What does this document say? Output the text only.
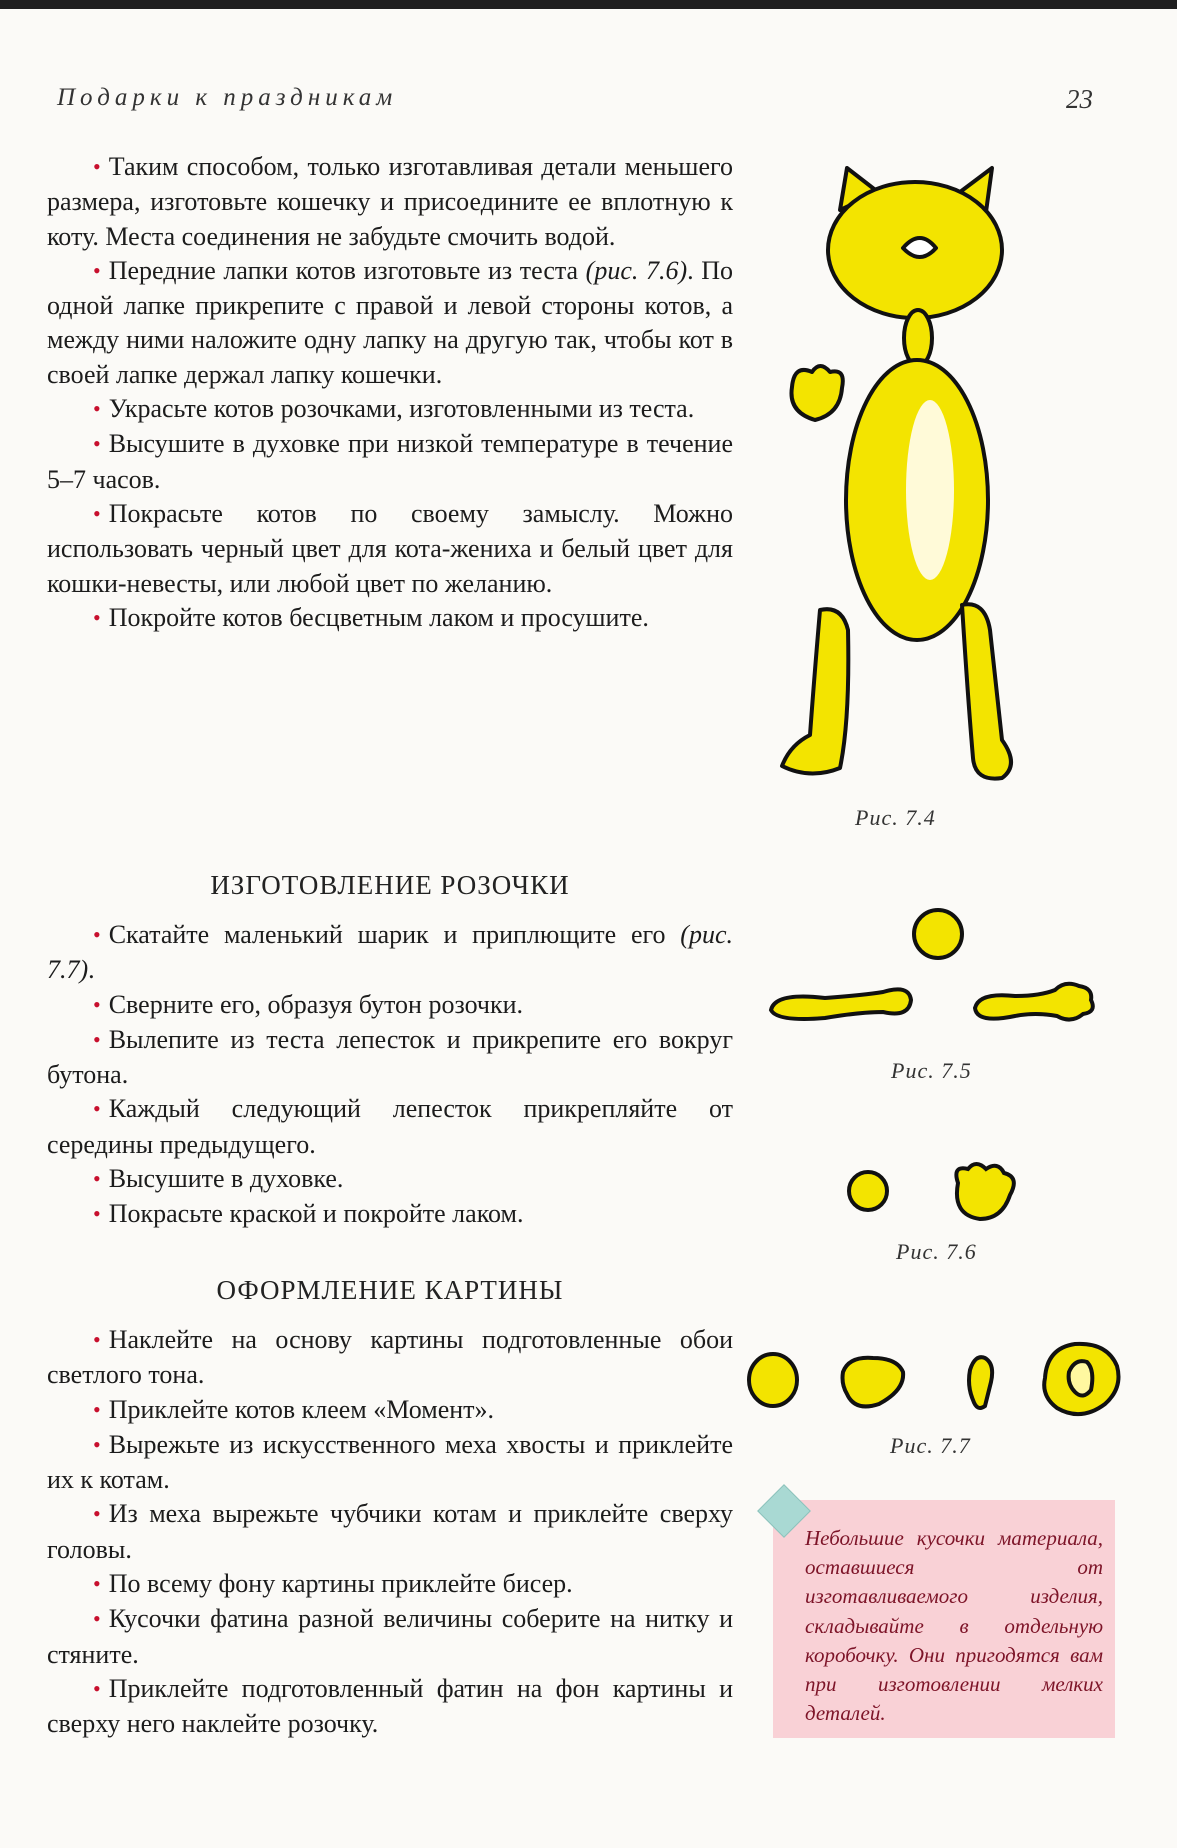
Подарки к праздникам	23

• Таким способом, только изготавливая детали меньшего размера, изготовьте кошечку и присоедините ее вплотную к коту. Места соединения не забудьте смочить водой.

• Передние лапки котов изготовьте из теста (рис. 7.6). По одной лапке прикрепите с правой и левой стороны котов, а между ними наложите одну лапку на другую так, чтобы кот в своей лапке держал лапку кошечки.

• Украсьте котов розочками, изготовленными из теста.

• Высушите в духовке при низкой температуре в течение 5–7 часов.

• Покрасьте котов по своему замыслу. Можно использовать черный цвет для кота-жениха и белый цвет для кошки-невесты, или любой цвет по желанию.

• Покройте котов бесцветным лаком и просушите.

ИЗГОТОВЛЕНИЕ РОЗОЧКИ

• Скатайте маленький шарик и приплющите его (рис. 7.7).

• Сверните его, образуя бутон розочки.

• Вылепите из теста лепесток и прикрепите его вокруг бутона.

• Каждый следующий лепесток прикрепляйте от середины предыдущего.

• Высушите в духовке.

• Покрасьте краской и покройте лаком.

ОФОРМЛЕНИЕ КАРТИНЫ

• Наклейте на основу картины подготовленные обои светлого тона.

• Приклейте котов клеем «Момент».

• Вырежьте из искусственного меха хвосты и приклейте их к котам.

• Из меха вырежьте чубчики котам и приклейте сверху головы.

• По всему фону картины приклейте бисер.

• Кусочки фатина разной величины соберите на нитку и стяните.

• Приклейте подготовленный фатин на фон картины и сверху него наклейте розочку.

Рис. 7.4
Рис. 7.5
Рис. 7.6
Рис. 7.7
Небольшие кусочки материала, оставшиеся от изготавливаемого изделия, складывайте в отдельную коробочку. Они пригодятся вам при изготовлении мелких деталей.
